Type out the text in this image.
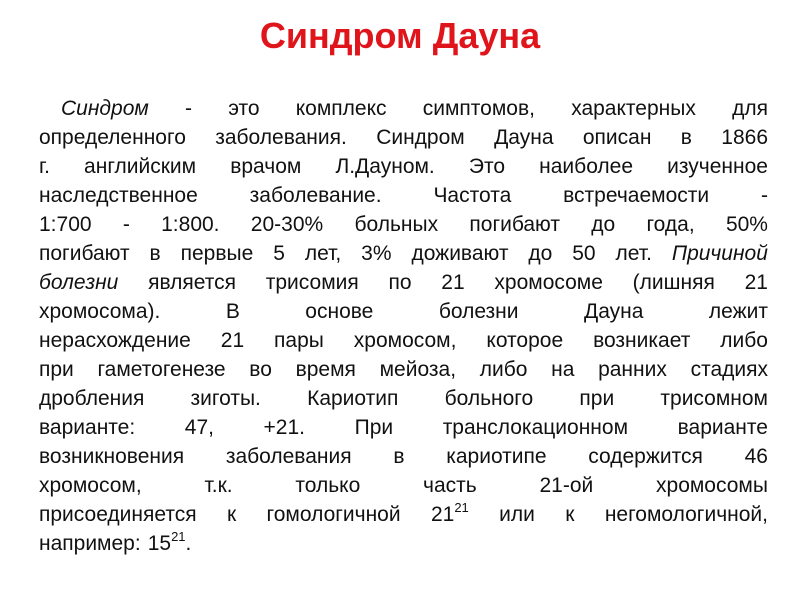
Синдром Дауна
Синдром - это комплекс симптомов, характерных для
определенного заболевания. Синдром Дауна описан в 1866
г. английским врачом Л.Дауном. Это наиболее изученное
наследственное заболевание. Частота встречаемости -
1:700 - 1:800. 20-30% больных погибают до года, 50%
погибают в первые 5 лет, 3% доживают до 50 лет. Причиной
болезни является трисомия по 21 хромосоме (лишняя 21
хромосома).	В	основе	болезни	Дауна	лежит
нерасхождение 21 пары хромосом, которое возникает либо
при гаметогенезе во время мейоза, либо на ранних стадиях
дробления зиготы. Кариотип больного при трисомном
варианте: 47, +21. При транслокационном варианте
возникновения заболевания в кариотипе содержится 46
хромосом,	т.к.	только	часть	21-ой	хромосомы
присоединяется к гомологичной $21^{21}$ или к негомологичной,
например: $15^{21}$.
